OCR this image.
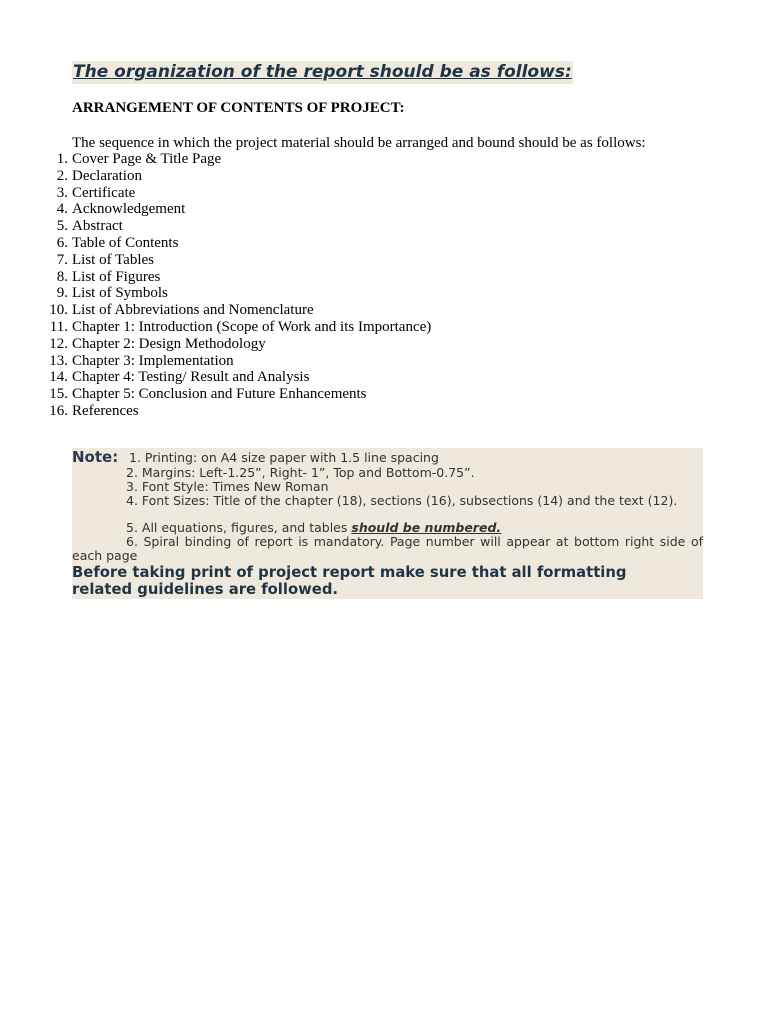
The organization of the report should be as follows:
ARRANGEMENT OF CONTENTS OF PROJECT:
The sequence in which the project material should be arranged and bound should be as follows:
1. Cover Page & Title Page
2. Declaration
3. Certificate
4. Acknowledgement
5. Abstract
6. Table of Contents
7. List of Tables
8. List of Figures
9. List of Symbols
10. List of Abbreviations and Nomenclature
11. Chapter 1: Introduction (Scope of Work and its Importance)
12. Chapter 2: Design Methodology
13. Chapter 3: Implementation
14. Chapter 4: Testing/ Result and Analysis
15. Chapter 5: Conclusion and Future Enhancements
16. References
Note: 1. Printing: on A4 size paper with 1.5 line spacing
2. Margins: Left-1.25”, Right- 1”, Top and Bottom-0.75”.
3. Font Style: Times New Roman
4. Font Sizes: Title of the chapter (18), sections (16), subsections (14) and the text (12).
5. All equations, figures, and tables should be numbered.
6. Spiral binding of report is mandatory. Page number will appear at bottom right side of each page
Before taking print of project report make sure that all formatting related guidelines are followed.
